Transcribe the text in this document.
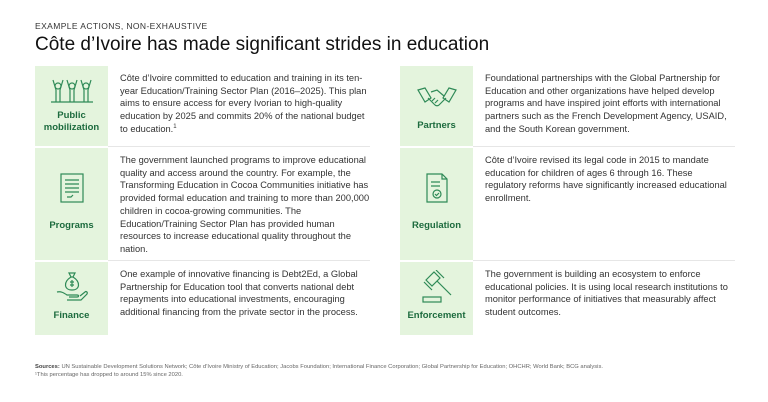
EXAMPLE ACTIONS, NON-EXHAUSTIVE
Côte d’Ivoire has made significant strides in education
Public mobilization
Côte d’Ivoire committed to education and training in its ten-year Education/Training Sector Plan (2016–2025). This plan aims to ensure access for every Ivorian to high-quality education by 2025 and commits 20% of the national budget to education.$^1$
Programs
The government launched programs to improve educational quality and access around the country. For example, the Transforming Education in Cocoa Communities initiative has provided formal education and training to more than 200,000 children in cocoa-growing communities. The Education/Training Sector Plan has provided human resources to increase educational quality throughout the nation.
Finance
One example of innovative financing is Debt2Ed, a Global Partnership for Education tool that converts national debt repayments into educational investments, encouraging additional financing from the private sector in the process.
Partners
Foundational partnerships with the Global Partnership for Education and other organizations have helped develop programs and have inspired joint efforts with international partners such as the French Development Agency, USAID, and the South Korean government.
Regulation
Côte d’Ivoire revised its legal code in 2015 to mandate education for children of ages 6 through 16. These regulatory reforms have significantly increased educational enrollment.
Enforcement
The government is building an ecosystem to enforce educational policies. It is using local research institutions to monitor performance of initiatives that measurably affect student outcomes.
Sources: UN Sustainable Development Solutions Network; Côte d’Ivoire Ministry of Education; Jacobs Foundation; International Finance Corporation; Global Partnership for Education; OHCHR; World Bank; BCG analysis.
¹This percentage has dropped to around 15% since 2020.
